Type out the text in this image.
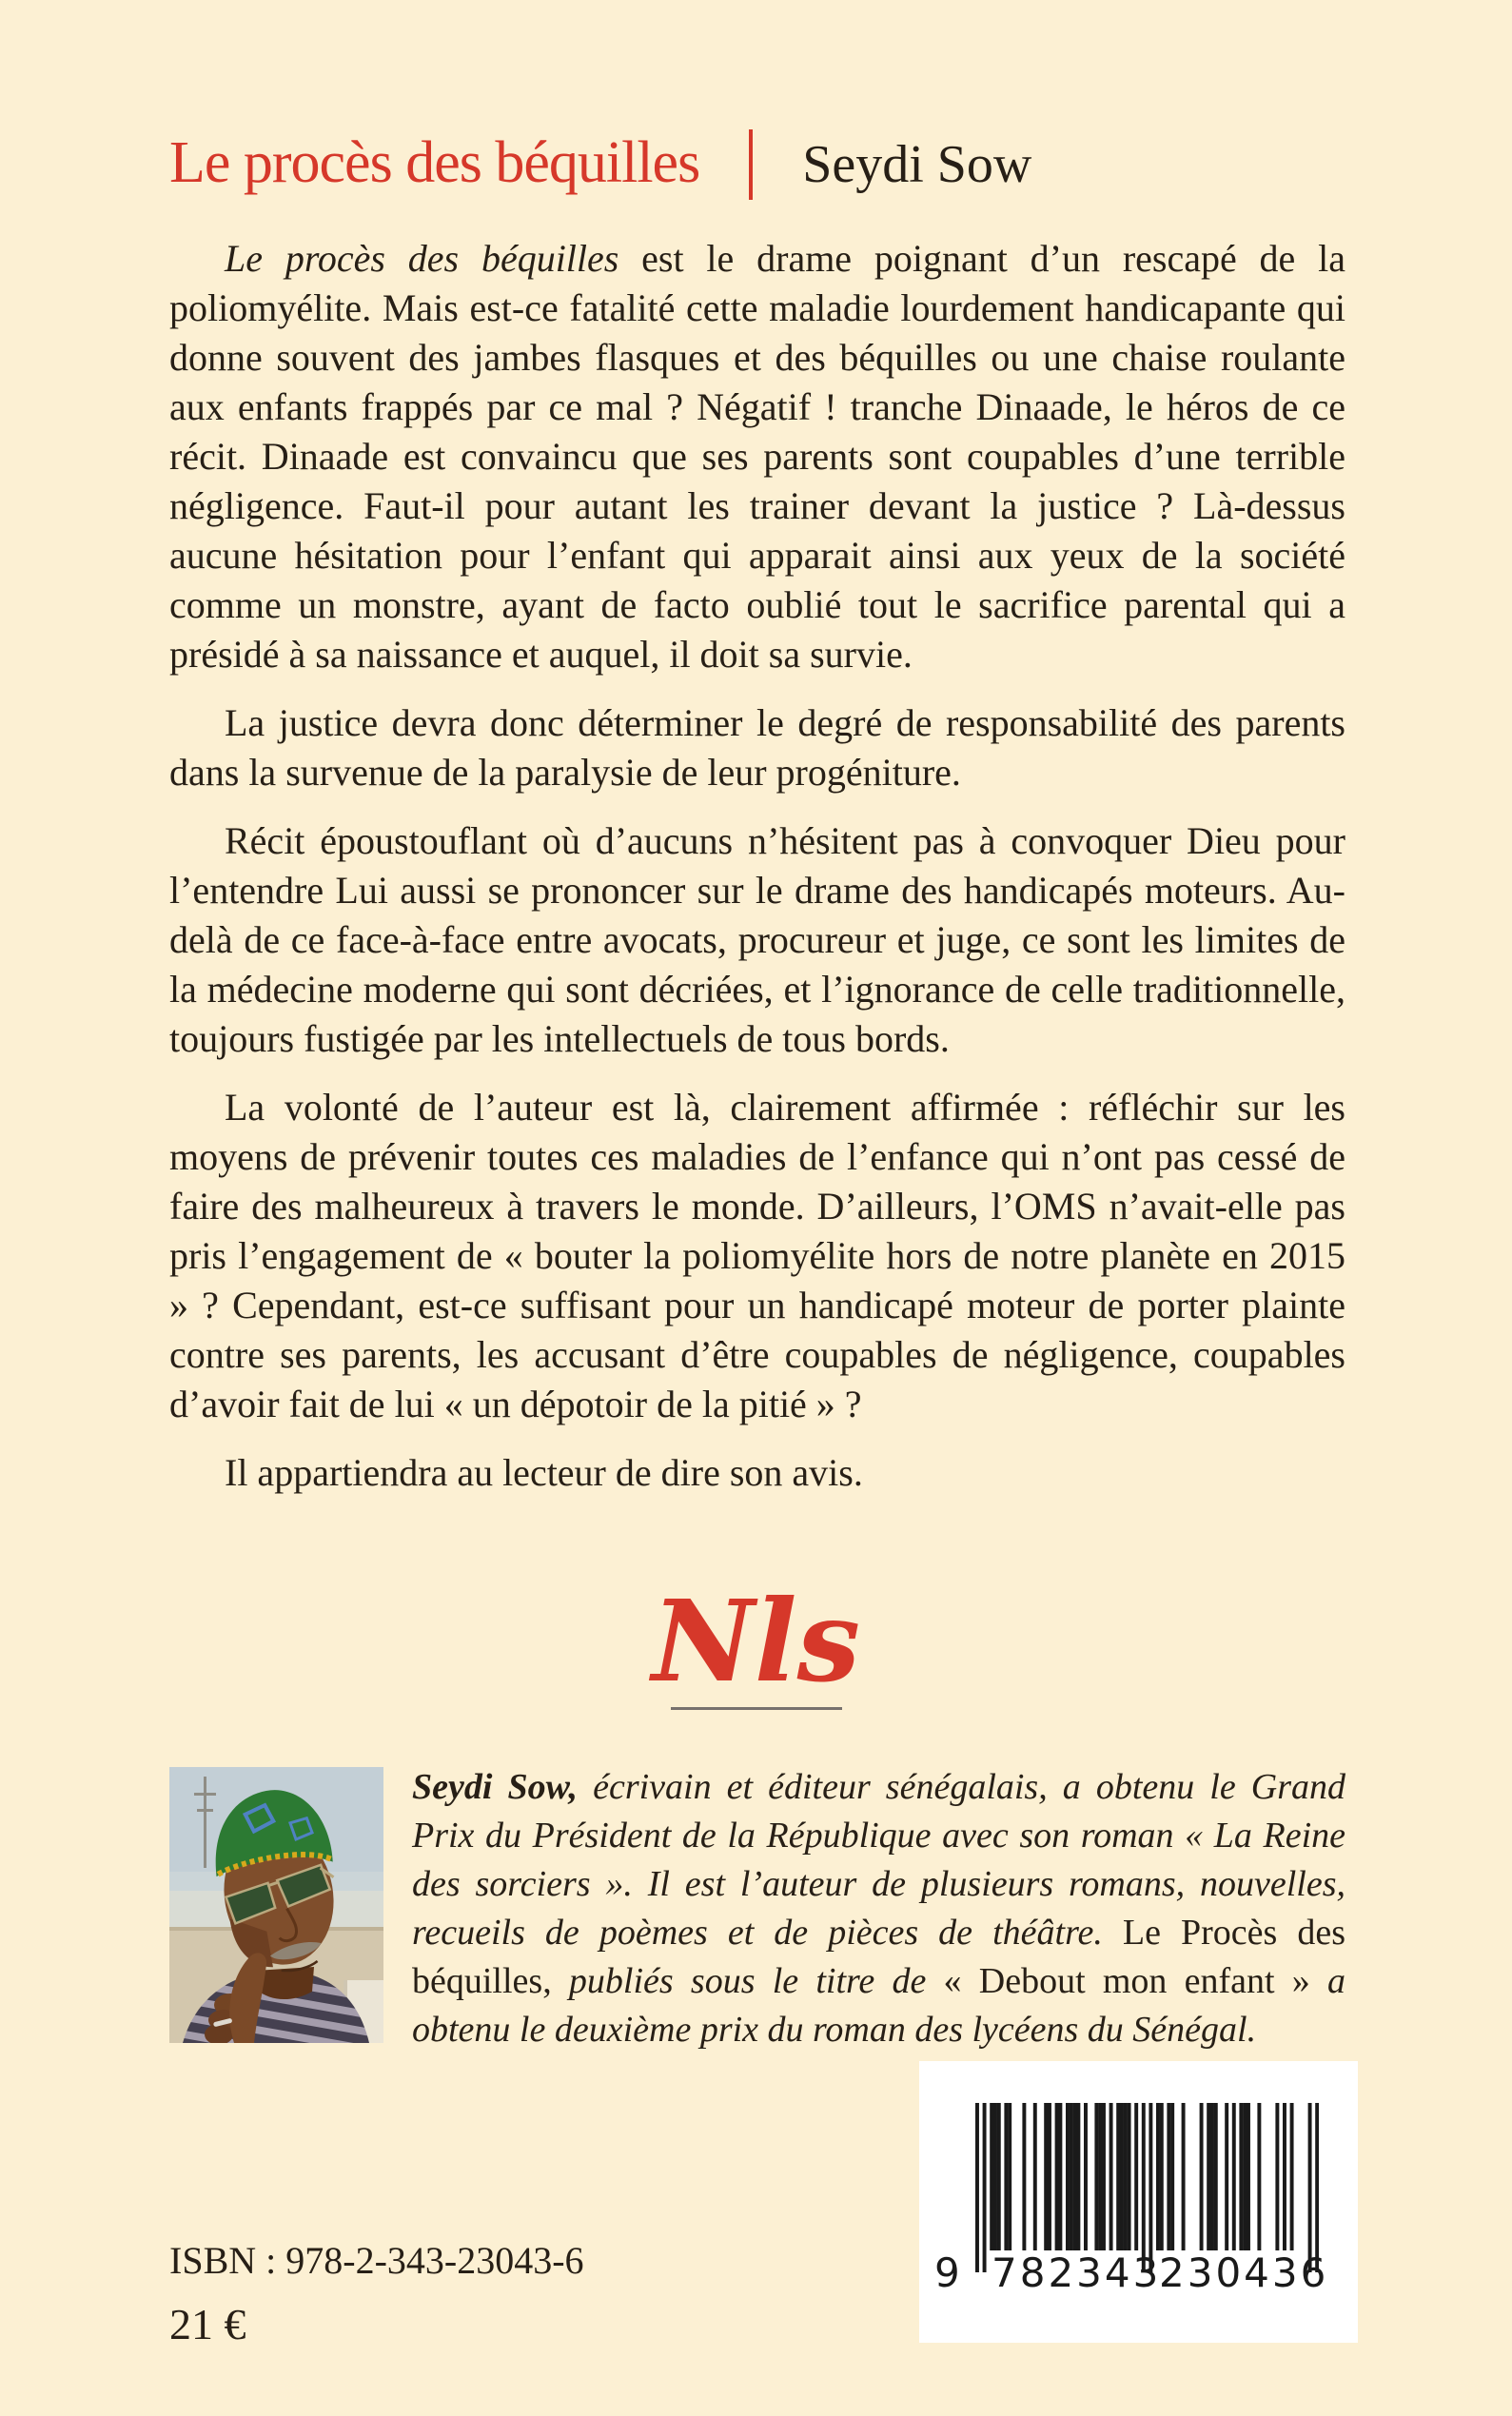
Le procès des béquilles Seydi Sow

Le procès des béquilles est le drame poignant d’un rescapé de la poliomyélite. Mais est-ce fatalité cette maladie lourdement handicapante qui donne souvent des jambes flasques et des béquilles ou une chaise roulante aux enfants frappés par ce mal ? Négatif ! tranche Dinaade, le héros de ce récit. Dinaade est convaincu que ses parents sont coupables d’une terrible négligence. Faut-il pour autant les trainer devant la justice ? Là-dessus aucune hésitation pour l’enfant qui apparait ainsi aux yeux de la société comme un monstre, ayant de facto oublié tout le sacrifice parental qui a présidé à sa naissance et auquel, il doit sa survie.

La justice devra donc déterminer le degré de responsabilité des parents dans la survenue de la paralysie de leur progéniture.

Récit époustouflant où d’aucuns n’hésitent pas à convoquer Dieu pour l’entendre Lui aussi se prononcer sur le drame des handicapés moteurs. Au-delà de ce face-à-face entre avocats, procureur et juge, ce sont les limites de la médecine moderne qui sont décriées, et l’ignorance de celle traditionnelle, toujours fustigée par les intellectuels de tous bords.

La volonté de l’auteur est là, clairement affirmée : réfléchir sur les moyens de prévenir toutes ces maladies de l’enfance qui n’ont pas cessé de faire des malheureux à travers le monde. D’ailleurs, l’OMS n’avait-elle pas pris l’engagement de « bouter la poliomyélite hors de notre planète en 2015 » ? Cependant, est-ce suffisant pour un handicapé moteur de porter plainte contre ses parents, les accusant d’être coupables de négligence, coupables d’avoir fait de lui « un dépotoir de la pitié » ?

Il appartiendra au lecteur de dire son avis.

Nls
Seydi Sow, écrivain et éditeur sénégalais, a obtenu le Grand Prix du Président de la République avec son roman « La Reine des sorciers ». Il est l’auteur de plusieurs romans, nouvelles, recueils de poèmes et de pièces de théâtre. Le Procès des béquilles, publiés sous le titre de « Debout mon enfant » a obtenu le deuxième prix du roman des lycéens du Sénégal.
ISBN : 978-2-343-23043-6
21 €
9 782343
230436
